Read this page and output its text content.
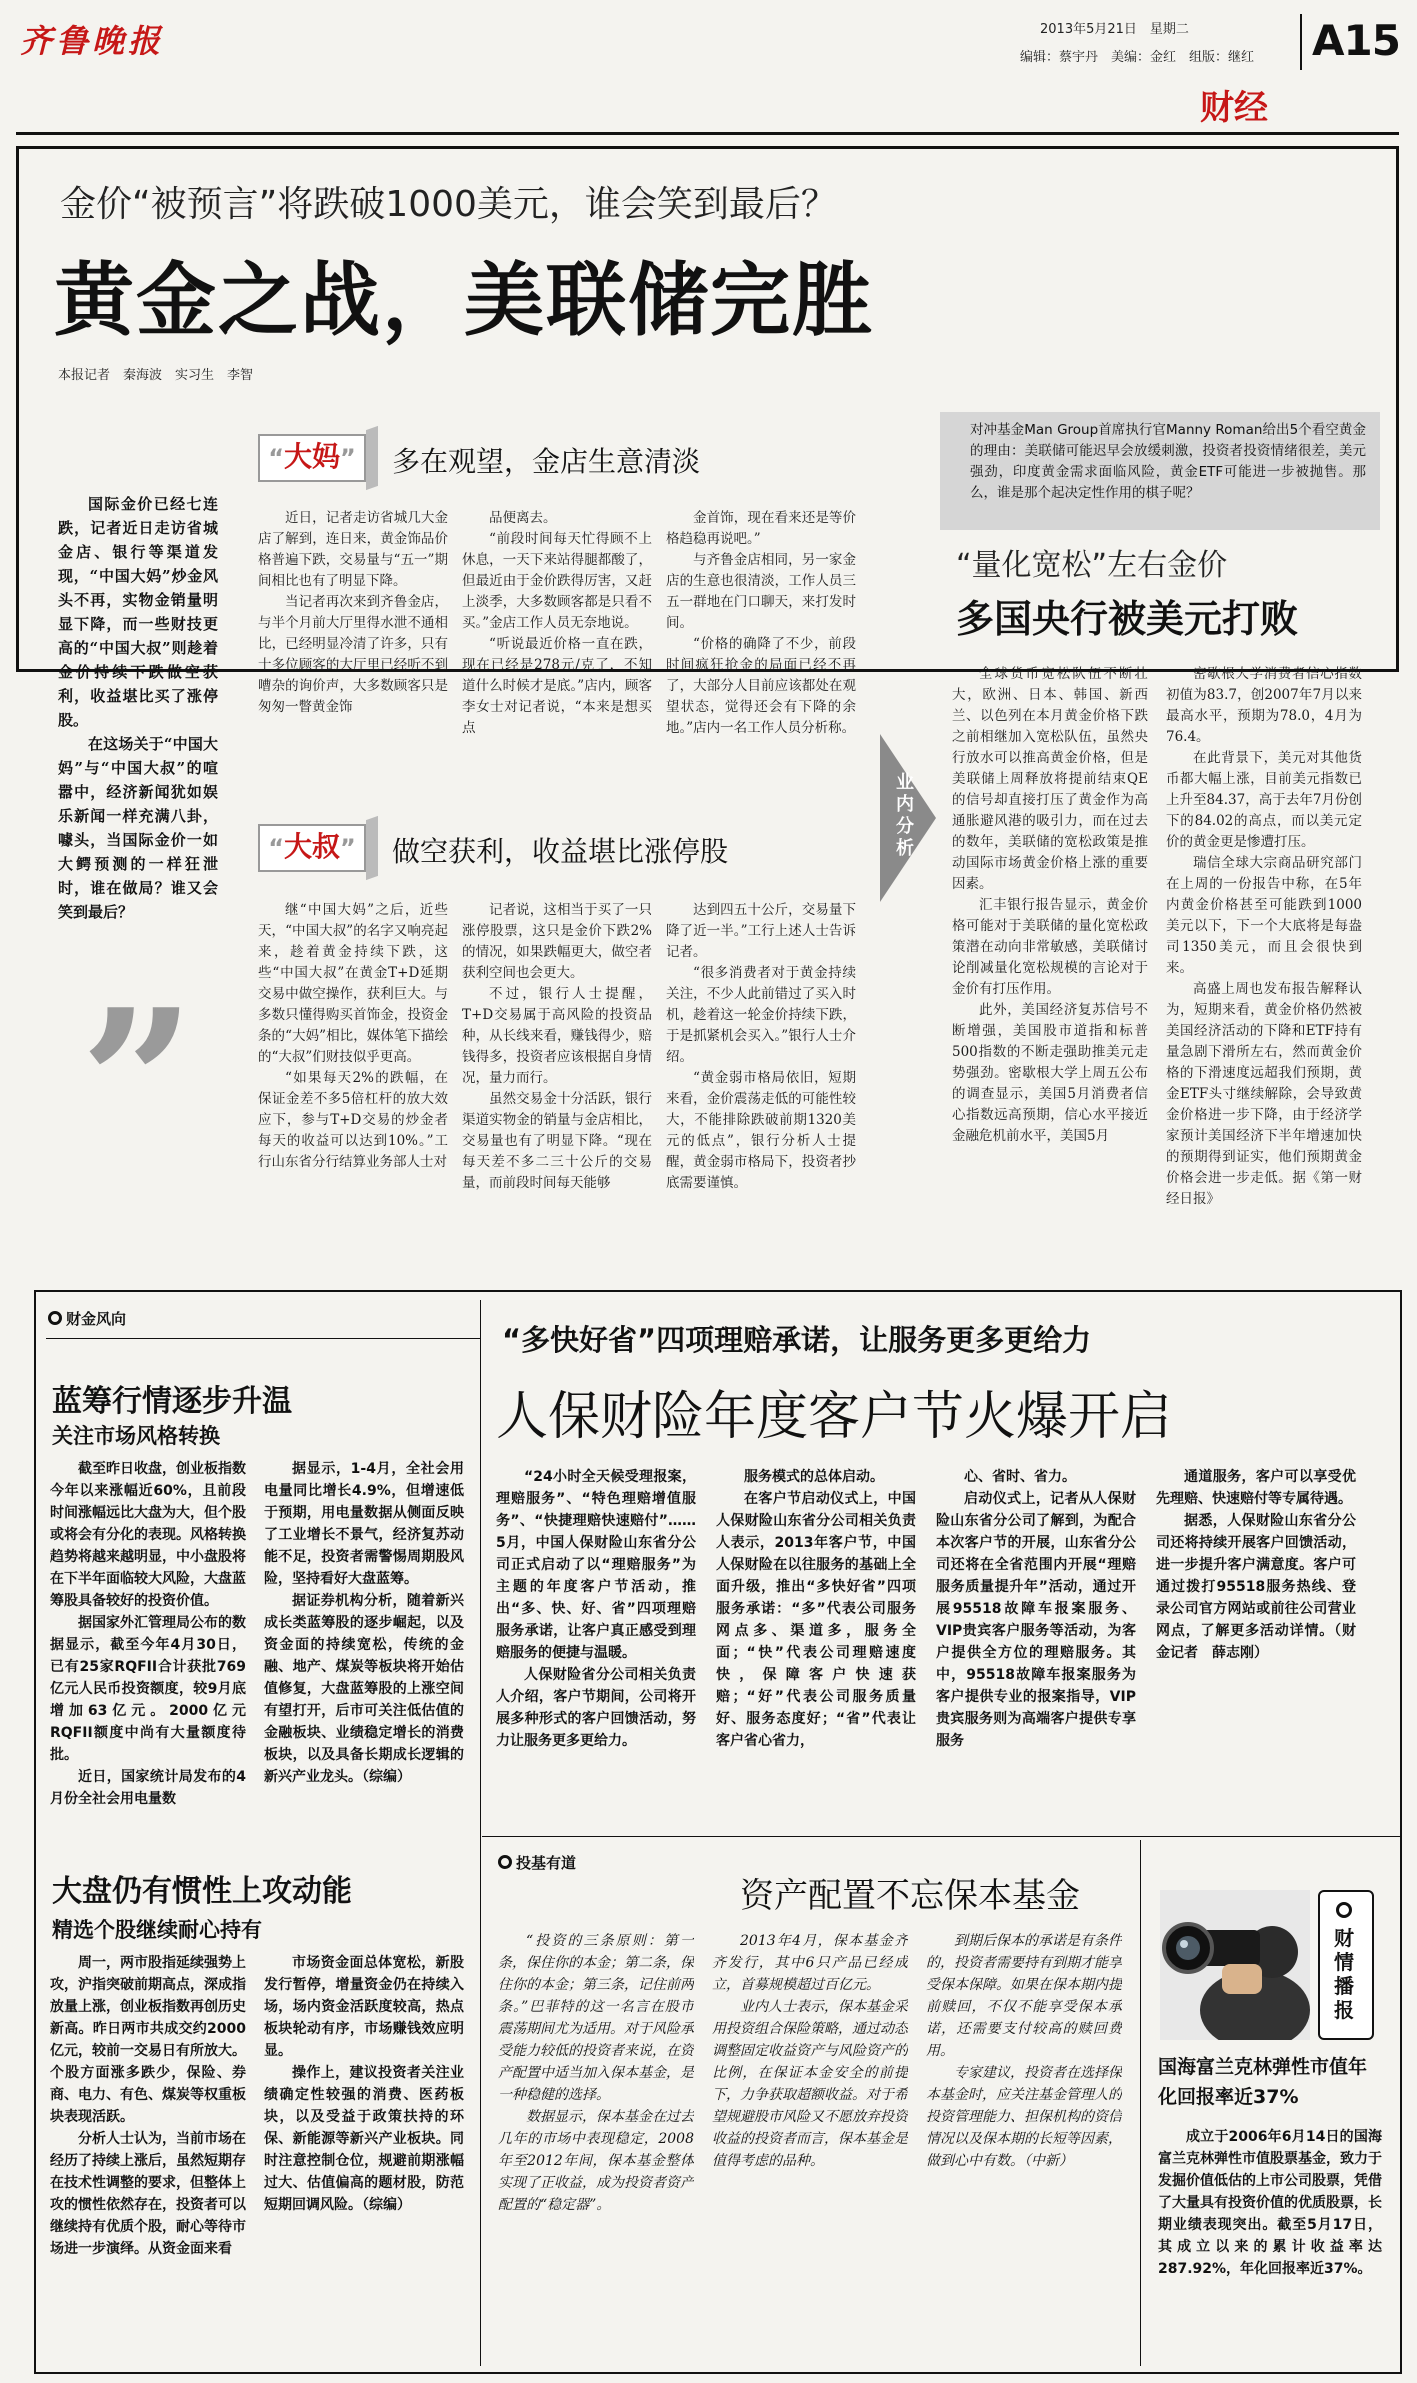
齐鲁晚报	2013年5月21日　星期二
编辑：蔡宇丹　美编：金红　组版：继红 A15
财经
金价“被预言”将跌破1000美元，谁会笑到最后？
黄金之战，美联储完胜
本报记者　秦海波　实习生　李智
国际金价已经七连跌，记者近日走访省城金店、银行等渠道发现，“中国大妈”炒金风头不再，实物金销量明显下降，而一些财技更高的“中国大叔”则趁着金价持续下跌做空获利，收益堪比买了涨停股。
在这场关于“中国大妈”与“中国大叔”的喧嚣中，经济新闻犹如娱乐新闻一样充满八卦，噱头，当国际金价一如大鳄预测的一样狂泄时，谁在做局？谁又会笑到最后？
”
“大妈”	多在观望，金店生意清淡
近日，记者走访省城几大金店了解到，连日来，黄金饰品价格普遍下跌，交易量与“五一”期间相比也有了明显下降。
当记者再次来到齐鲁金店，与半个月前大厅里得水泄不通相比，已经明显冷清了许多，只有十多位顾客的大厅里已经听不到嘈杂的询价声，大多数顾客只是匆匆一瞥黄金饰
品便离去。
“前段时间每天忙得顾不上休息，一天下来站得腿都酸了，但最近由于金价跌得厉害，又赶上淡季，大多数顾客都是只看不买。”金店工作人员无奈地说。
“听说最近价格一直在跌，现在已经是278元/克了，不知道什么时候才是底。”店内，顾客李女士对记者说，“本来是想买点
金首饰，现在看来还是等价格趋稳再说吧。”
与齐鲁金店相同，另一家金店的生意也很清淡，工作人员三五一群地在门口聊天，来打发时间。
“价格的确降了不少，前段时间疯狂抢金的局面已经不再了，大部分人目前应该都处在观望状态，觉得还会有下降的余地。”店内一名工作人员分析称。
“大叔”	做空获利，收益堪比涨停股
继“中国大妈”之后，近些天，“中国大叔”的名字又响亮起来，趁着黄金持续下跌，这些“中国大叔”在黄金T+D延期交易中做空操作，获利巨大。与多数只懂得购买首饰金，投资金条的“大妈”相比，媒体笔下描绘的“大叔”们财技似乎更高。
“如果每天2%的跌幅，在保证金差不多5倍杠杆的放大效应下，参与T+D交易的炒金者每天的收益可以达到10%。”工行山东省分行结算业务部人士对
记者说，这相当于买了一只涨停股票，这只是金价下跌2%的情况，如果跌幅更大，做空者获利空间也会更大。
不过，银行人士提醒，T+D交易属于高风险的投资品种，从长线来看，赚钱得少，赔钱得多，投资者应该根据自身情况，量力而行。
虽然交易金十分活跃，银行渠道实物金的销量与金店相比，交易量也有了明显下降。“现在每天差不多二三十公斤的交易量，而前段时间每天能够
达到四五十公斤，交易量下降了近一半。”工行上述人士告诉记者。
“很多消费者对于黄金持续关注，不少人此前错过了买入时机，趁着这一轮金价持续下跌，于是抓紧机会买入。”银行人士介绍。
“黄金弱市格局依旧，短期来看，金价震荡走低的可能性较大，不能排除跌破前期1320美元的低点”，银行分析人士提醒，黄金弱市格局下，投资者抄底需要谨慎。
业内分析
对冲基金Man Group首席执行官Manny Roman给出5个看空黄金的理由：美联储可能迟早会放缓刺激，投资者投资情绪很差，美元强劲，印度黄金需求面临风险，黄金ETF可能进一步被抛售。那么，谁是那个起决定性作用的棋子呢？
“量化宽松”左右金价
多国央行被美元打败
全球货币宽松队伍不断壮大，欧洲、日本、韩国、新西兰、以色列在本月黄金价格下跌之前相继加入宽松队伍，虽然央行放水可以推高黄金价格，但是美联储上周释放将提前结束QE的信号却直接打压了黄金作为高通胀避风港的吸引力，而在过去的数年，美联储的宽松政策是推动国际市场黄金价格上涨的重要因素。
汇丰银行报告显示，黄金价格可能对于美联储的量化宽松政策潜在动向非常敏感，美联储讨论削减量化宽松规模的言论对于金价有打压作用。
此外，美国经济复苏信号不断增强，美国股市道指和标普500指数的不断走强助推美元走势强劲。密歇根大学上周五公布的调查显示，美国5月消费者信心指数远高预期，信心水平接近金融危机前水平，美国5月
密歇根大学消费者信心指数初值为83.7，创2007年7月以来最高水平，预期为78.0，4月为76.4。
在此背景下，美元对其他货币都大幅上涨，目前美元指数已上升至84.37，高于去年7月份创下的84.02的高点，而以美元定价的黄金更是惨遭打压。
瑞信全球大宗商品研究部门在上周的一份报告中称，在5年内黄金价格甚至可能跌到1000美元以下，下一个大底将是每盎司1350美元，而且会很快到来。
高盛上周也发布报告解释认为，短期来看，黄金价格仍然被美国经济活动的下降和ETF持有量急剧下滑所左右，然而黄金价格的下滑速度远超我们预期，黄金ETF头寸继续解除，会导致黄金价格进一步下降，由于经济学家预计美国经济下半年增速加快的预期得到证实，他们预期黄金价格会进一步走低。据《第一财经日报》
财金风向
蓝筹行情逐步升温
关注市场风格转换
截至昨日收盘，创业板指数今年以来涨幅近60%，且前段时间涨幅远比大盘为大，但个股或将会有分化的表现。风格转换趋势将越来越明显，中小盘股将在下半年面临较大风险，大盘蓝筹股具备较好的投资价值。
据国家外汇管理局公布的数据显示，截至今年4月30日，已有25家RQFII合计获批769亿元人民币投资额度，较9月底增加63亿元。2000亿元RQFII额度中尚有大量额度待批。
近日，国家统计局发布的4月份全社会用电量数
据显示，1-4月，全社会用电量同比增长4.9%，但增速低于预期，用电量数据从侧面反映了工业增长不景气，经济复苏动能不足，投资者需警惕周期股风险，坚持看好大盘蓝筹。
据证券机构分析，随着新兴成长类蓝筹股的逐步崛起，以及资金面的持续宽松，传统的金融、地产、煤炭等板块将开始估值修复，大盘蓝筹股的上涨空间有望打开，后市可关注低估值的金融板块、业绩稳定增长的消费板块，以及具备长期成长逻辑的新兴产业龙头。（综编）
大盘仍有惯性上攻动能
精选个股继续耐心持有
周一，两市股指延续强势上攻，沪指突破前期高点，深成指放量上涨，创业板指数再创历史新高。昨日两市共成交约2000亿元，较前一交易日有所放大。个股方面涨多跌少，保险、券商、电力、有色、煤炭等权重板块表现活跃。
分析人士认为，当前市场在经历了持续上涨后，虽然短期存在技术性调整的要求，但整体上攻的惯性依然存在，投资者可以继续持有优质个股，耐心等待市场进一步演绎。从资金面来看
市场资金面总体宽松，新股发行暂停，增量资金仍在持续入场，场内资金活跃度较高，热点板块轮动有序，市场赚钱效应明显。
操作上，建议投资者关注业绩确定性较强的消费、医药板块，以及受益于政策扶持的环保、新能源等新兴产业板块。同时注意控制仓位，规避前期涨幅过大、估值偏高的题材股，防范短期回调风险。（综编）
“多快好省”四项理赔承诺，让服务更多更给力
人保财险年度客户节火爆开启
“24小时全天候受理报案，理赔服务”、“特色理赔增值服务”、“快捷理赔快速赔付”……5月，中国人保财险山东省分公司正式启动了以“理赔服务”为主题的年度客户节活动，推出“多、快、好、省”四项理赔服务承诺，让客户真正感受到理赔服务的便捷与温暖。
人保财险省分公司相关负责人介绍，客户节期间，公司将开展多种形式的客户回馈活动，努力让服务更多更给力。
服务模式的总体启动。
在客户节启动仪式上，中国人保财险山东省分公司相关负责人表示，2013年客户节，中国人保财险在以往服务的基础上全面升级，推出“多快好省”四项服务承诺：“多”代表公司服务网点多、渠道多，服务全面；“快”代表公司理赔速度快，保障客户快速获赔；“好”代表公司服务质量好、服务态度好；“省”代表让客户省心省力，
心、省时、省力。
启动仪式上，记者从人保财险山东省分公司了解到，为配合本次客户节的开展，山东省分公司还将在全省范围内开展“理赔服务质量提升年”活动，通过开展95518故障车报案服务、VIP贵宾客户服务等活动，为客户提供全方位的理赔服务。其中，95518故障车报案服务为客户提供专业的报案指导，VIP贵宾服务则为高端客户提供专享服务
通道服务，客户可以享受优先理赔、快速赔付等专属待遇。
据悉，人保财险山东省分公司还将持续开展客户回馈活动，进一步提升客户满意度。客户可通过拨打95518服务热线、登录公司官方网站或前往公司营业网点，了解更多活动详情。（财金记者　薛志刚）
投基有道
资产配置不忘保本基金
“投资的三条原则：第一条，保住你的本金；第二条，保住你的本金；第三条，记住前两条。”巴菲特的这一名言在股市震荡期间尤为适用。对于风险承受能力较低的投资者来说，在资产配置中适当加入保本基金，是一种稳健的选择。
数据显示，保本基金在过去几年的市场中表现稳定，2008年至2012年间，保本基金整体实现了正收益，成为投资者资产配置的“稳定器”。
2013年4月，保本基金齐齐发行，其中6只产品已经成立，首募规模超过百亿元。
业内人士表示，保本基金采用投资组合保险策略，通过动态调整固定收益资产与风险资产的比例，在保证本金安全的前提下，力争获取超额收益。对于希望规避股市风险又不愿放弃投资收益的投资者而言，保本基金是值得考虑的品种。
到期后保本的承诺是有条件的，投资者需要持有到期才能享受保本保障。如果在保本期内提前赎回，不仅不能享受保本承诺，还需要支付较高的赎回费用。
专家建议，投资者在选择保本基金时，应关注基金管理人的投资管理能力、担保机构的资信情况以及保本期的长短等因素，做到心中有数。（中新）
财情播报
国海富兰克林弹性市值年化回报率近37%
成立于2006年6月14日的国海富兰克林弹性市值股票基金，致力于发掘价值低估的上市公司股票，凭借了大量具有投资价值的优质股票，长期业绩表现突出。截至5月17日，其成立以来的累计收益率达287.92%，年化回报率近37%。
